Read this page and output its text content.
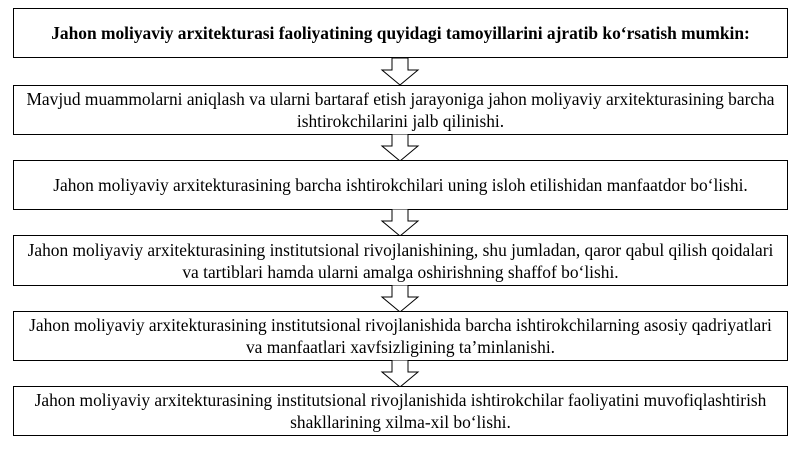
Jahon moliyaviy arxitekturasi faoliyatining quyidagi tamoyillarini ajratib ko‘rsatish mumkin:
Mavjud muammolarni aniqlash va ularni bartaraf etish jarayoniga jahon moliyaviy arxitekturasining barcha ishtirokchilarini jalb qilinishi.
Jahon moliyaviy arxitekturasining barcha ishtirokchilari uning isloh etilishidan manfaatdor bo‘lishi.
Jahon moliyaviy arxitekturasining institutsional rivojlanishining, shu jumladan, qaror qabul qilish qoidalari va tartiblari hamda ularni amalga oshirishning shaffof bo‘lishi.
Jahon moliyaviy arxitekturasining institutsional rivojlanishida barcha ishtirokchilarning asosiy qadriyatlari va manfaatlari xavfsizligining ta’minlanishi.
Jahon moliyaviy arxitekturasining institutsional rivojlanishida ishtirokchilar faoliyatini muvofiqlashtirish shakllarining xilma-xil bo‘lishi.
